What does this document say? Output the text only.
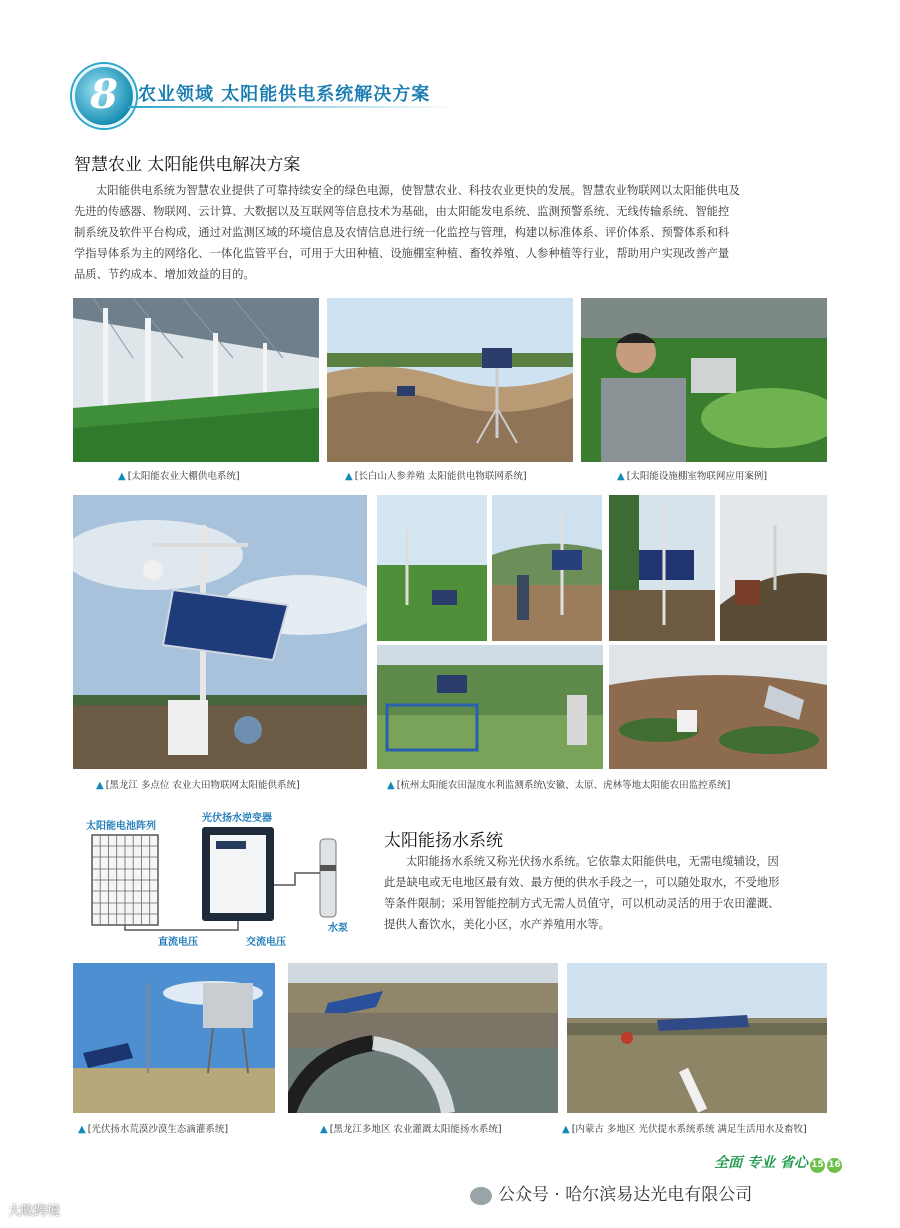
8	农业领域 太阳能供电系统解决方案
智慧农业 太阳能供电解决方案
太阳能供电系统为智慧农业提供了可靠持续安全的绿色电源，使智慧农业、科技农业更快的发展。智慧农业物联网以太阳能供电及
先进的传感器、物联网、云计算、大数据以及互联网等信息技术为基础，由太阳能发电系统、监测预警系统、无线传输系统、智能控
制系统及软件平台构成，通过对监测区域的环境信息及农情信息进行统一化监控与管理，构建以标准体系、评价体系、预警体系和科
学指导体系为主的网络化、一体化监管平台，可用于大田种植、设施棚室种植、畜牧养殖、人参种植等行业，帮助用户实现改善产量
品质、节约成本、增加效益的目的。
▲ [太阳能农业大棚供电系统]	▲ [长白山人参养殖 太阳能供电物联网系统]	▲ [太阳能设施棚室物联网应用案例]
▲ [黑龙江 多点位 农业大田物联网太阳能供系统]	▲ [杭州太阳能农田湿度水利监测系统\安徽、太原、虎林等地太阳能农田监控系统]
太阳能电池阵列
光伏扬水逆变器
直流电压	交流电压
水泵
太阳能扬水系统
太阳能扬水系统又称光伏扬水系统。它依靠太阳能供电，无需电缆辅设，因
此是缺电或无电地区最有效、最方便的供水手段之一，可以随处取水，不受地形
等条件限制；采用智能控制方式无需人员值守，可以机动灵活的用于农田灌溉、
提供人畜饮水，美化小区，水产养殖用水等。
▲ [光伏扬水荒漠沙漠生态滴灌系统]	▲ [黑龙江多地区 农业灌溉太阳能扬水系统]	▲ [内蒙古 多地区 光伏提水系统系统 满足生活用水及畜牧]
全面 专业 省心 15 16
公众号 · 哈尔滨易达光电有限公司
大畋跨境
